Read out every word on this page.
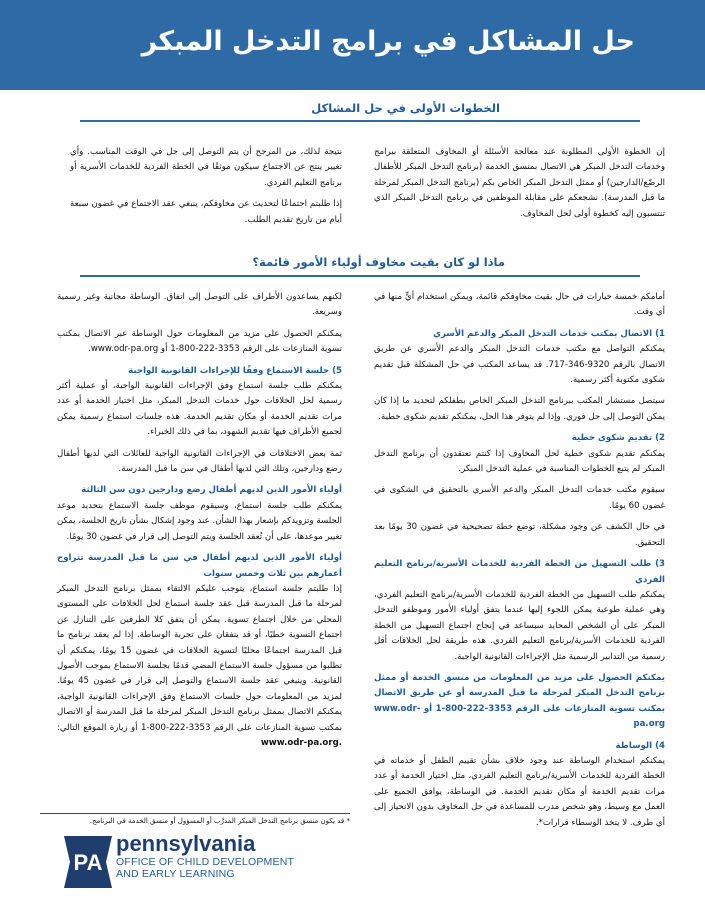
حل المشاكل في برامج التدخل المبكر
الخطوات الأولى في حل المشاكل

إن الخطوة الأولى المطلوبة عند معالجة الأسئلة أو المخاوف المتعلقة ببرامج وخدمات التدخل المبكر هي الاتصال بمنسق الخدمة (برنامج التدخل المبكر للأطفال الرضّع/الدارجين) أو ممثل التدخل المبكر الخاص بكم (برنامج التدخل المبكر لمرحلة ما قبل المدرسة). نشجعكم على مقابلة الموظفين في برنامج التدخل المبكر الذي تنتسبون إليه كخطوة أولى لحل المخاوف.

نتيجة لذلك، من المرجح أن يتم التوصل إلى حل في الوقت المناسب. وأي تغيير ينتج عن الاجتماع سيكون موثقًا في الخطة الفردية للخدمات الأسرية أو برنامج التعليم الفردي.

إذا طلبتم اجتماعًا لتحديث عن مخاوفكم، ينبغي عقد الاجتماع في غضون سبعة أيام من تاريخ تقديم الطلب.

ماذا لو كان بقيت مخاوف أولياء الأمور قائمة؟

أمامكم خمسة خيارات في حال بقيت مخاوفكم قائمة، ويمكن استخدام أيٍّ منها في أي وقت.

1) الاتصال بمكتب خدمات التدخل المبكر والدعم الأسري

يمكنكم التواصل مع مكتب خدمات التدخل المبكر والدعم الأسري عن طريق الاتصال بالرقم 9320-346-717. قد يساعد المكتب في حل المشكلة قبل تقديم شكوى مكتوبة أكثر رسمية.

سيتصل مستشار المكتب ببرنامج التدخل المبكر الخاص بطفلكم لتحديد ما إذا كان يمكن التوصل إلى حل فوري. وإذا لم يتوفر هذا الحل، يمكنكم تقديم شكوى خطية.

2) تقديم شكوى خطية

يمكنكم تقديم شكوى خطية لحل المخاوف إذا كنتم تعتقدون أن برنامج التدخل المبكر لم يتبع الخطوات المناسبة في عملية التدخل المبكر.

سيقوم مكتب خدمات التدخل المبكر والدعم الأسري بالتحقيق في الشكوى في غضون 60 يومًا.

في حال الكشف عن وجود مشكلة، توضع خطة تصحيحية في غضون 30 يومًا بعد التحقيق.

3) طلب التسهيل من الخطة الفردية للخدمات الأسرية/برنامج التعليم الفردي

يمكنكم طلب التسهيل من الخطة الفردية للخدمات الأسرية/برنامج التعليم الفردي، وهي عملية طوعية يمكن اللجوء إليها عندما يتفق أولياء الأمور وموظفو التدخل المبكر على أن الشخص المحايد سيساعد في إنجاح اجتماع التسهيل من الخطة الفردية للخدمات الأسرية/برنامج التعليم الفردي. هذه طريقة لحل الخلافات أقل رسمية من التدابير الرسمية مثل الإجراءات القانونية الواجبة.

يمكنكم الحصول على مزيد من المعلومات من منسق الخدمة أو ممثل برنامج التدخل المبكر لمرحلة ما قبل المدرسة أو عن طريق الاتصال بمكتب تسوية المنازعات على الرقم 3353-222-800-1 أو www.odr-pa.org

4) الوساطة

يمكنكم استخدام الوساطة عند وجود خلاف بشأن تقييم الطفل أو خدماته في الخطة الفردية للخدمات الأسرية/برنامج التعليم الفردي، مثل اختيار الخدمة أو عدد مرات تقديم الخدمة أو مكان تقديم الخدمة. في الوساطة، يوافق الجميع على العمل مع وسيط، وهو شخص مدرب للمساعدة في حل المخاوف بدون الانحياز إلى أي طرف. لا يتخذ الوسطاء قرارات*.

لكنهم يساعدون الأطراف على التوصل إلى اتفاق. الوساطة مجانية وغير رسمية وسريعة.

يمكنكم الحصول على مزيد من المعلومات حول الوساطة عبر الاتصال بمكتب تسوية المنازعات على الرقم 3353-222-800-1 أو www.odr-pa.org.

5) جلسة الاستماع وفقًا للإجراءات القانونية الواجبة

يمكنكم طلب جلسة استماع وفق الإجراءات القانونية الواجبة، أو عملية أكثر رسمية لحل الخلافات حول خدمات التدخل المبكر، مثل اختيار الخدمة أو عدد مرات تقديم الخدمة أو مكان تقديم الخدمة. هذه جلسات استماع رسمية يمكن لجميع الأطراف فيها تقديم الشهود، بما في ذلك الخبراء.

ثمة بعض الاختلافات في الإجراءات القانونية الواجبة للعائلات التي لديها أطفال رضع ودارجين، وتلك التي لديها أطفال في سن ما قبل المدرسة.

أولياء الأمور الذين لديهم أطفال رضع ودارجين دون سن الثالثة

يمكنكم طلب جلسة استماع، وسيقوم موظف جلسة الاستماع بتحديد موعد الجلسة وتزويدكم بإشعار بهذا الشأن. عند وجود إشكال بشأن تاريخ الجلسة، يمكن تغيير موعدها، على أن تُعقد الجلسة ويتم التوصل إلى قرار في غضون 30 يومًا.

أولياء الأمور الذين لديهم أطفال في سن ما قبل المدرسة تتراوح أعمارهم بين ثلاث وخمس سنوات

إذا طلبتم جلسة استماع، يتوجب عليكم الالتقاء بممثل برنامج التدخل المبكر لمرحلة ما قبل المدرسة قبل عقد جلسة استماع لحل الخلافات على المستوى المحلي من خلال اجتماع تسوية. يمكن أن يتفق كلا الطرفين على التنازل عن اجتماع التسوية خطيًا، أو قد يتفقان على تجربة الوساطة. إذا لم يعقد برنامج ما قبل المدرسة اجتماعًا محليًا لتسوية الخلافات في غضون 15 يومًا، يمكنكم أن تطلبوا من مسؤول جلسة الاستماع المضي قدمًا بجلسة الاستماع بموجب الأصول القانونية. وينبغي عقد جلسة الاستماع والتوصل إلى قرار في غضون 45 يومًا. لمزيد من المعلومات حول جلسات الاستماع وفق الإجراءات القانونية الواجبة، يمكنكم الاتصال بممثل برنامج التدخل المبكر لمرحلة ما قبل المدرسة أو الاتصال بمكتب تسوية المنازعات على الرقم 3353-222-800-1 أو زيارة الموقع التالي: www.odr-pa.org.

* قد يكون منسق برنامج التدخل المبكر المدرَّب أو المسؤول أو منسق الخدمة في البرنامج.
PA
pennsylvania
OFFICE OF CHILD DEVELOPMENT
AND EARLY LEARNING
